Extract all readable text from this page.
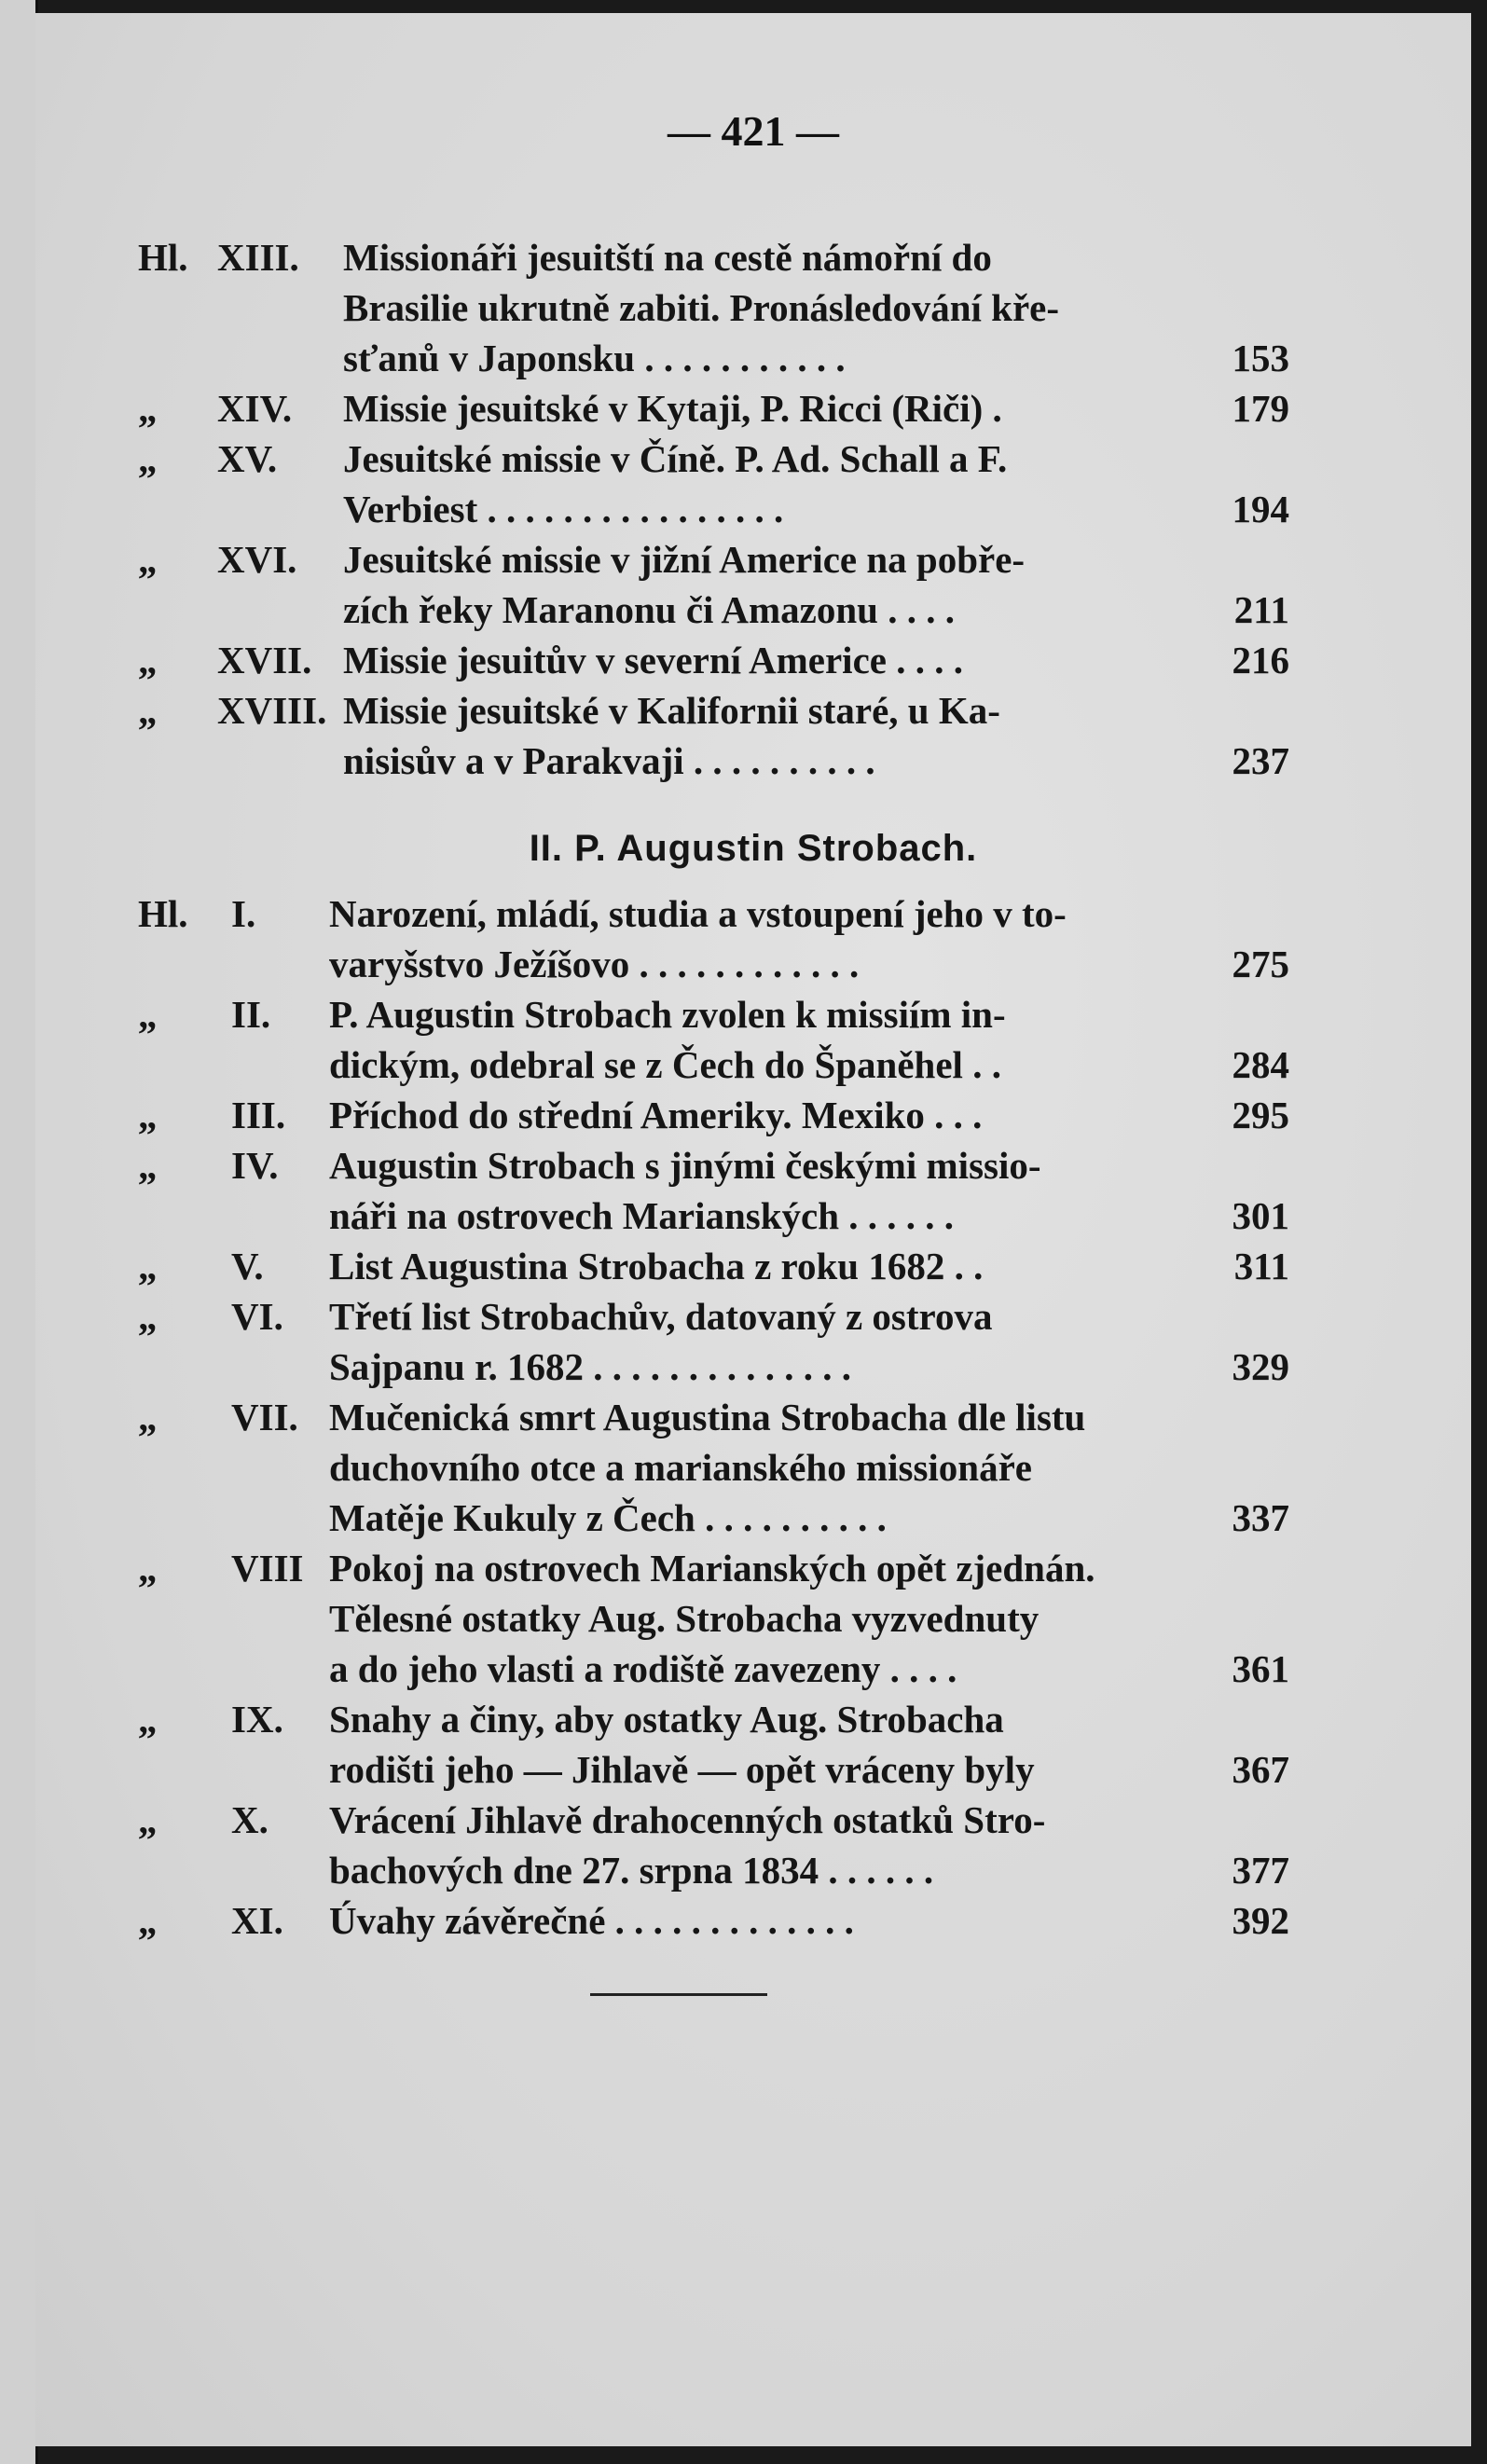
— 421 —
Hl. XIII. Missionáři jesuitští na cestě námořní do
Brasilie ukrutně zabiti. Pronásledování kře-
sťanů v Japonsku . . . . . . . . . . .	153
„	XIV. Missie jesuitské v Kytaji, P. Ricci (Riči) .	179
„	XV. Jesuitské missie v Číně. P. Ad. Schall a F.
Verbiest . . . . . . . . . . . . . . . .	194
„	XVI. Jesuitské missie v jižní Americe na pobře-
zích řeky Maranonu či Amazonu . . . .	211
„	XVII. Missie jesuitův v severní Americe . . . .	216
„	XVIII. Missie jesuitské v Kalifornii staré, u Ka-
nisisův a v Parakvaji . . . . . . . . . .	237
Hl. I. Narození, mládí, studia a vstoupení jeho v to-
varyšstvo Ježíšovo . . . . . . . . . . . .	275
„	II. P. Augustin Strobach zvolen k missiím in-
dickým, odebral se z Čech do Španěhel . .	284
„	III. Příchod do střední Ameriky. Mexiko . . .	295
„	IV. Augustin Strobach s jinými českými missio-
náři na ostrovech Marianských . . . . . .	301
„	V. List Augustina Strobacha z roku 1682 . .	311
„	VI. Třetí list Strobachův, datovaný z ostrova
Sajpanu r. 1682 . . . . . . . . . . . . . .	329
„	VII. Mučenická smrt Augustina Strobacha dle listu
duchovního otce a marianského missionáře
Matěje Kukuly z Čech . . . . . . . . . .	337
„	VIII Pokoj na ostrovech Marianských opět zjednán.
Tělesné ostatky Aug. Strobacha vyzvednuty
a do jeho vlasti a rodiště zavezeny . . . .	361
„	IX. Snahy a činy, aby ostatky Aug. Strobacha
rodišti jeho — Jihlavě — opět vráceny byly	367
„	X. Vrácení Jihlavě drahocenných ostatků Stro-
bachových dne 27. srpna 1834 . . . . . .	377
„	XI. Úvahy závěrečné . . . . . . . . . . . . .	392
II. P. Augustin Strobach.
